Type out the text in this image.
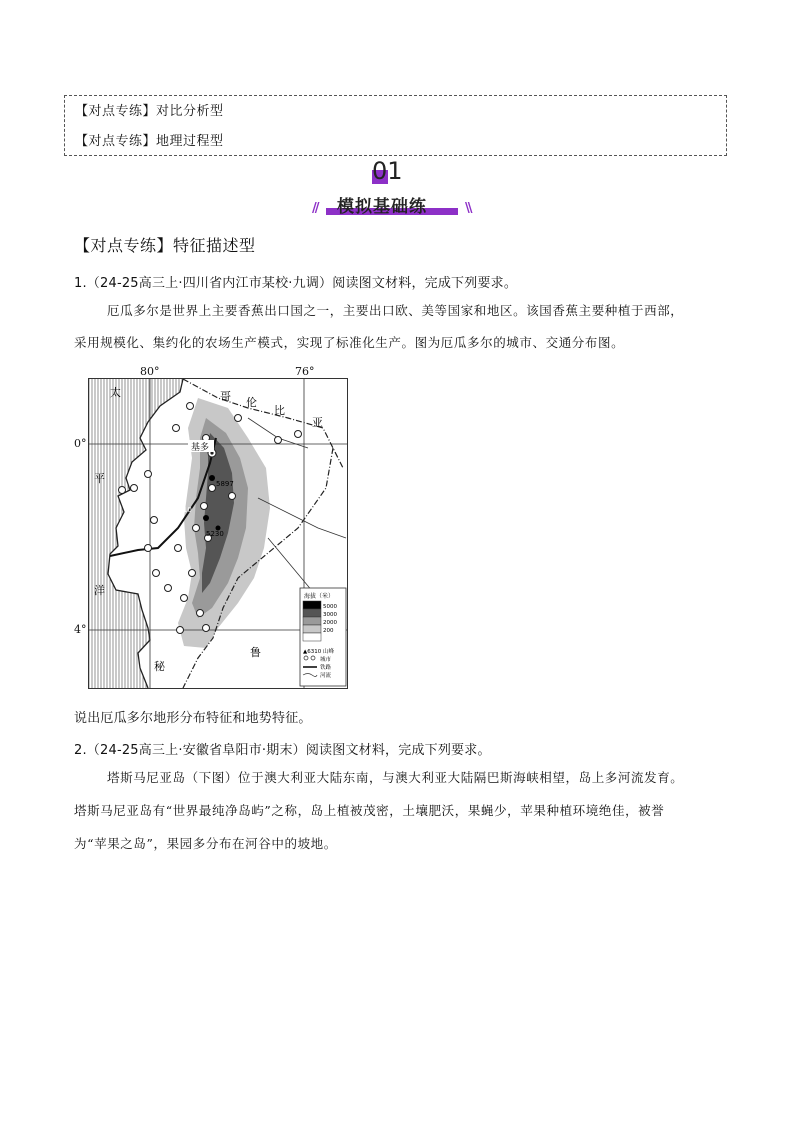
【对点专练】对比分析型
【对点专练】地理过程型
01
// 模拟基础练	\\
【对点专练】特征描述型
1.（24-25高三上·四川省内江市某校·九调）阅读图文材料，完成下列要求。
厄瓜多尔是世界上主要香蕉出口国之一，主要出口欧、美等国家和地区。该国香蕉主要种植于西部，
采用规模化、集约化的农场生产模式，实现了标准化生产。图为厄瓜多尔的城市、交通分布图。
基多
5897
6310
5230
太
平
洋
哥 伦
比
亚
鲁
秘
海拔（米）
5000
3000
2000
200
▲6310 山峰
城市
铁路
河流
80°	76°
0°
4°
说出厄瓜多尔地形分布特征和地势特征。
2.（24-25高三上·安徽省阜阳市·期末）阅读图文材料，完成下列要求。
塔斯马尼亚岛（下图）位于澳大利亚大陆东南，与澳大利亚大陆隔巴斯海峡相望，岛上多河流发育。
塔斯马尼亚岛有“世界最纯净岛屿”之称，岛上植被茂密，土壤肥沃，果蝇少，苹果种植环境绝佳，被誉
为“苹果之岛”，果园多分布在河谷中的坡地。
